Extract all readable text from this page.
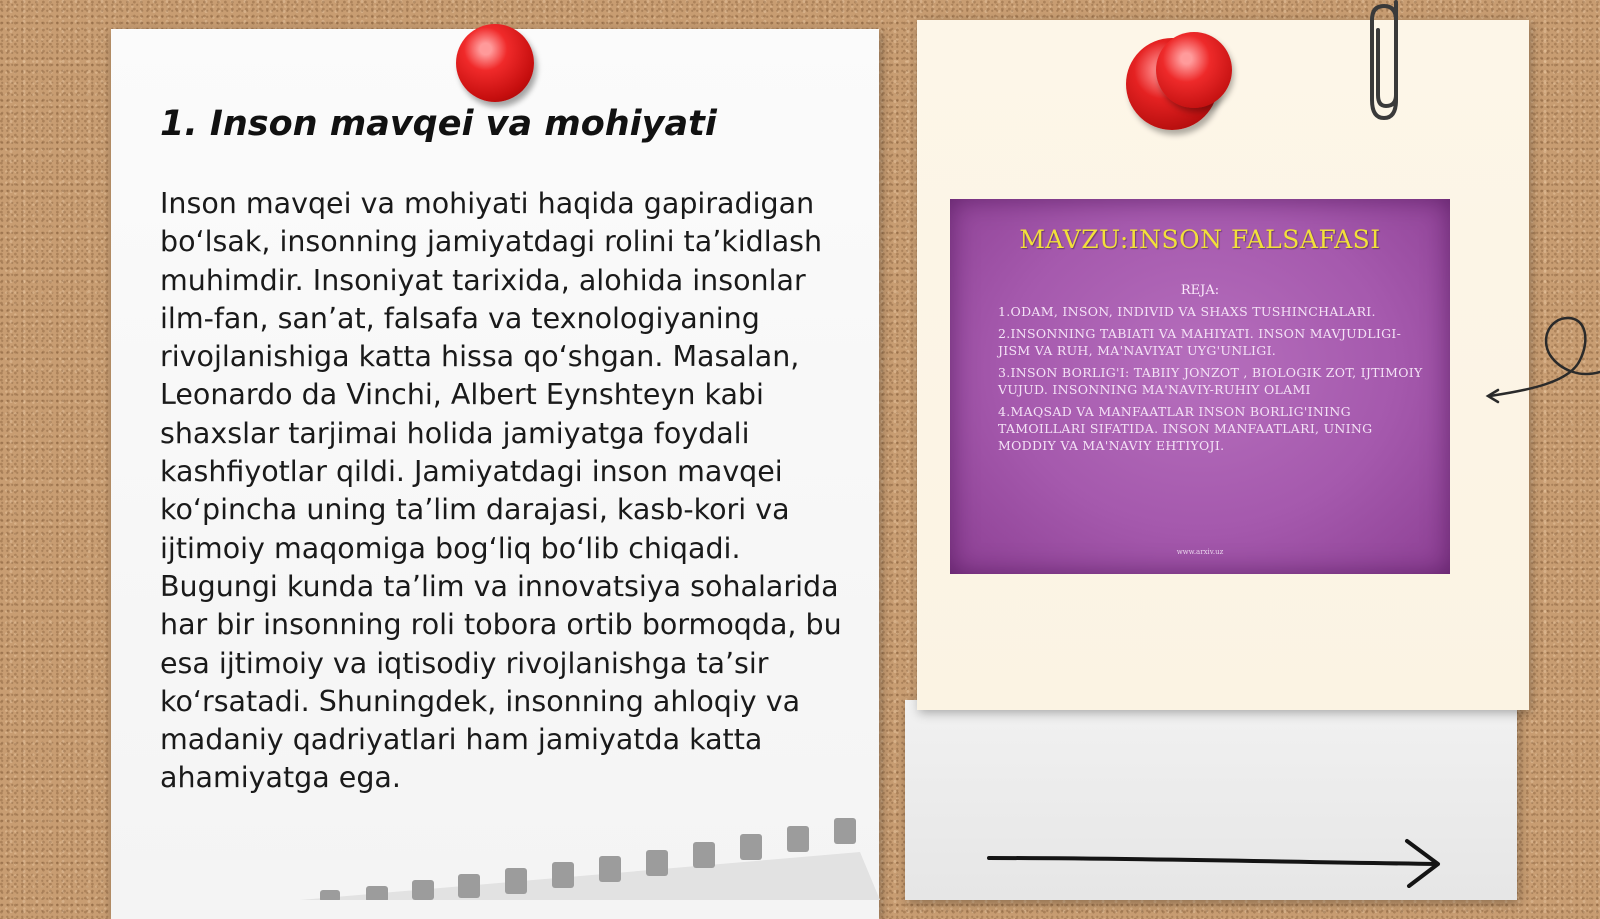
1. Inson mavqei va mohiyati

Inson mavqei va mohiyati haqida gapiradigan boʻlsak, insonning jamiyatdagi rolini taʼkidlash muhimdir. Insoniyat tarixida, alohida insonlar ilm-fan, sanʼat, falsafa va texnologiyaning rivojlanishiga katta hissa qoʻshgan. Masalan, Leonardo da Vinchi, Albert Eynshteyn kabi shaxslar tarjimai holida jamiyatga foydali kashfiyotlar qildi. Jamiyatdagi inson mavqei koʻpincha uning taʼlim darajasi, kasb-kori va ijtimoiy maqomiga bogʻliq boʻlib chiqadi. Bugungi kunda taʼlim va innovatsiya sohalarida har bir insonning roli tobora ortib bormoqda, bu esa ijtimoiy va iqtisodiy rivojlanishga taʼsir koʻrsatadi. Shuningdek, insonning ahloqiy va madaniy qadriyatlari ham jamiyatda katta ahamiyatga ega.

MAVZU:INSON FALSAFASI
REJA:
1.ODAM, INSON, INDIVID VA SHAXS TUSHINCHALARI.
2.INSONNING TABIATI VA MAHIYATI. INSON MAVJUDLIGI- JISM VA RUH, MA'NAVIYAT UYG'UNLIGI.
3.INSON BORLIG'I: TABIIY JONZOT , BIOLOGIK ZOT, IJTIMOIY VUJUD. INSONNING MA'NAVIY-RUHIY OLAMI
4.MAQSAD VA MANFAATLAR INSON BORLIG'INING TAMOILLARI SIFATIDA. INSON MANFAATLARI, UNING MODDIY VA MA'NAVIY EHTIYOJI.
www.arxiv.uz
